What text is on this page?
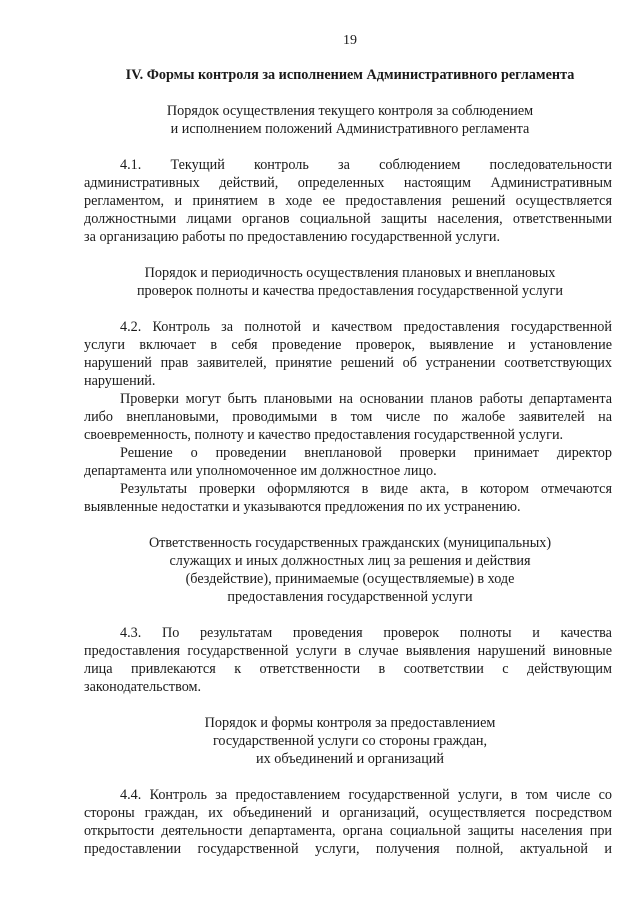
19
IV. Формы контроля за исполнением Административного регламента
Порядок осуществления текущего контроля за соблюдением
и исполнением положений Административного регламента
4.1. Текущий контроль за соблюдением последовательности
административных действий, определенных настоящим Административным
регламентом, и принятием в ходе ее предоставления решений осуществляется
должностными лицами органов социальной защиты населения, ответственными
за организацию работы по предоставлению государственной услуги.
Порядок и периодичность осуществления плановых и внеплановых
проверок полноты и качества предоставления государственной услуги
4.2. Контроль за полнотой и качеством предоставления государственной
услуги включает в себя проведение проверок, выявление и установление
нарушений прав заявителей, принятие решений об устранении соответствующих
нарушений.
Проверки могут быть плановыми на основании планов работы департамента
либо внеплановыми, проводимыми в том числе по жалобе заявителей на
своевременность, полноту и качество предоставления государственной услуги.
Решение о проведении внеплановой проверки принимает директор
департамента или уполномоченное им должностное лицо.
Результаты проверки оформляются в виде акта, в котором отмечаются
выявленные недостатки и указываются предложения по их устранению.
Ответственность государственных гражданских (муниципальных)
служащих и иных должностных лиц за решения и действия
(бездействие), принимаемые (осуществляемые) в ходе
предоставления государственной услуги
4.3. По результатам проведения проверок полноты и качества
предоставления государственной услуги в случае выявления нарушений виновные
лица привлекаются к ответственности в соответствии с действующим
законодательством.
Порядок и формы контроля за предоставлением
государственной услуги со стороны граждан,
их объединений и организаций
4.4. Контроль за предоставлением государственной услуги, в том числе со
стороны граждан, их объединений и организаций, осуществляется посредством
открытости деятельности департамента, органа социальной защиты населения при
предоставлении государственной услуги, получения полной, актуальной и
